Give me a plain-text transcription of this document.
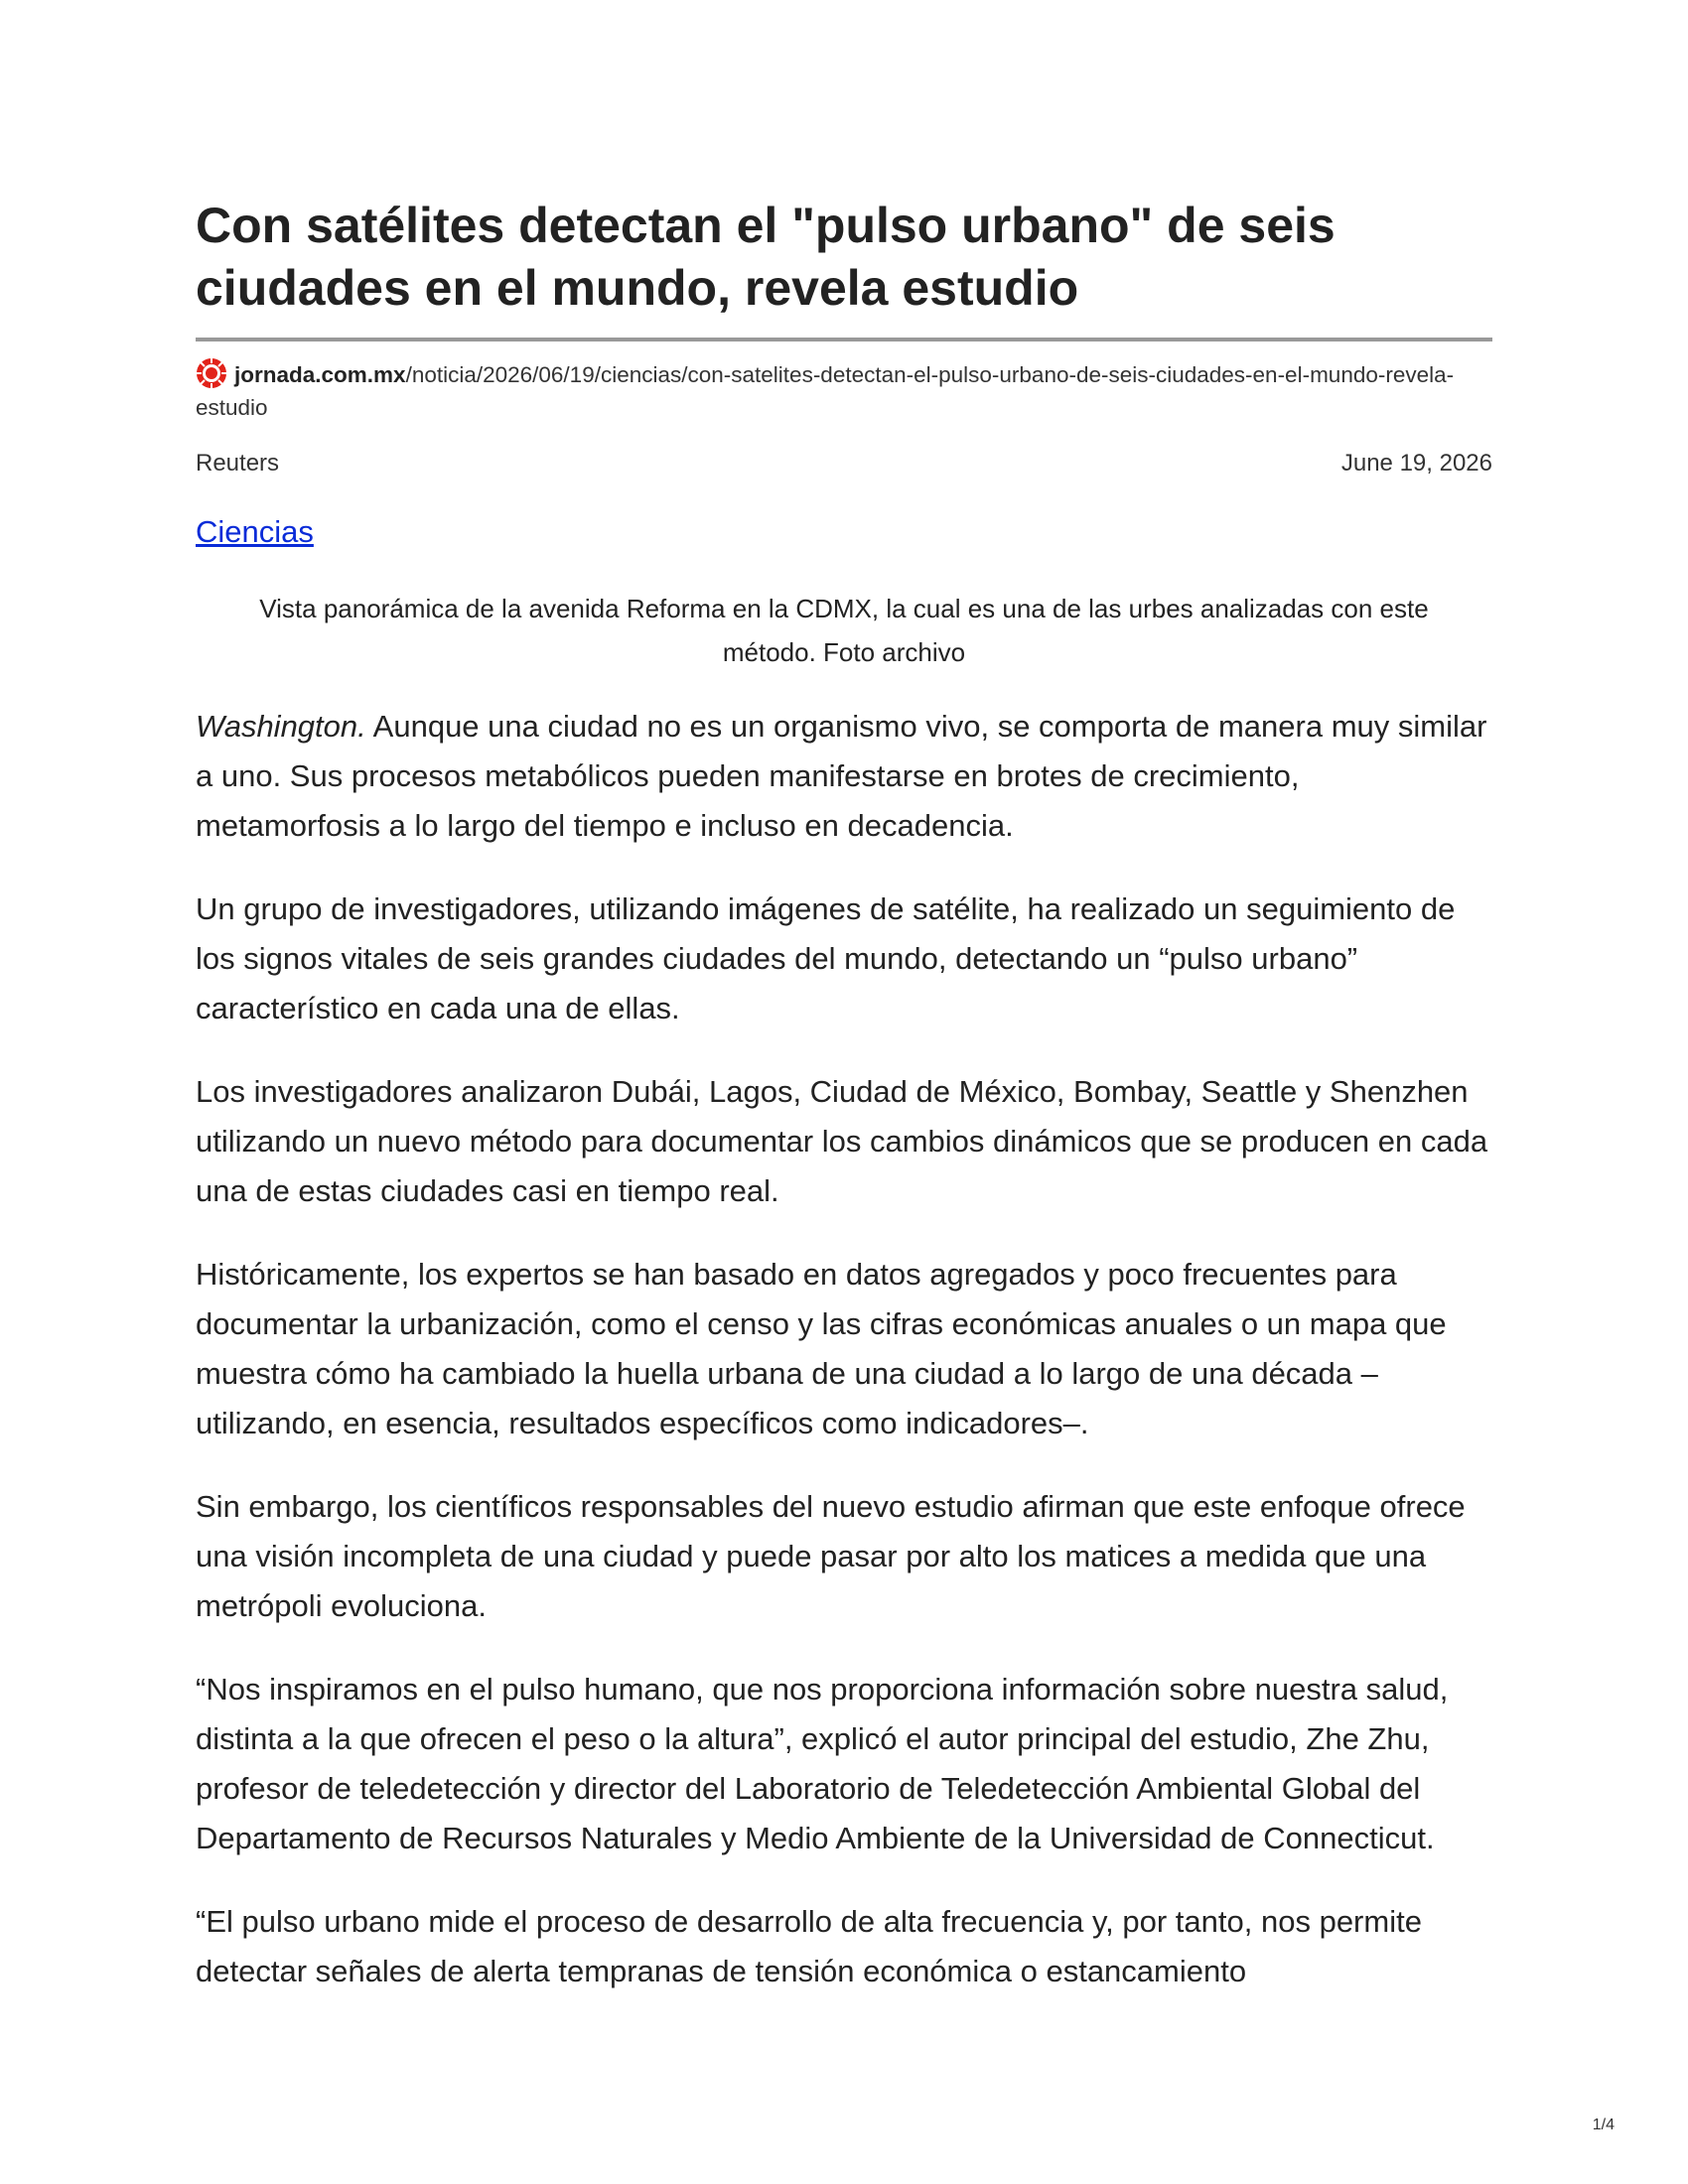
Con satélites detectan el "pulso urbano" de seis ciudades en el mundo, revela estudio
jornada.com.mx/noticia/2026/06/19/ciencias/con-satelites-detectan-el-pulso-urbano-de-seis-ciudades-en-el-mundo-revela-estudio
Reuters	June 19, 2026
Ciencias
Vista panorámica de la avenida Reforma en la CDMX, la cual es una de las urbes analizadas con este método. Foto archivo

Washington. Aunque una ciudad no es un organismo vivo, se comporta de manera muy similar a uno. Sus procesos metabólicos pueden manifestarse en brotes de crecimiento, metamorfosis a lo largo del tiempo e incluso en decadencia.

Un grupo de investigadores, utilizando imágenes de satélite, ha realizado un seguimiento de los signos vitales de seis grandes ciudades del mundo, detectando un “pulso urbano” característico en cada una de ellas.

Los investigadores analizaron Dubái, Lagos, Ciudad de México, Bombay, Seattle y Shenzhen utilizando un nuevo método para documentar los cambios dinámicos que se producen en cada una de estas ciudades casi en tiempo real.

Históricamente, los expertos se han basado en datos agregados y poco frecuentes para documentar la urbanización, como el censo y las cifras económicas anuales o un mapa que muestra cómo ha cambiado la huella urbana de una ciudad a lo largo de una década –utilizando, en esencia, resultados específicos como indicadores–.

Sin embargo, los científicos responsables del nuevo estudio afirman que este enfoque ofrece una visión incompleta de una ciudad y puede pasar por alto los matices a medida que una metrópoli evoluciona.

“Nos inspiramos en el pulso humano, que nos proporciona información sobre nuestra salud, distinta a la que ofrecen el peso o la altura”, explicó el autor principal del estudio, Zhe Zhu, profesor de teledetección y director del Laboratorio de Teledetección Ambiental Global del Departamento de Recursos Naturales y Medio Ambiente de la Universidad de Connecticut.

“El pulso urbano mide el proceso de desarrollo de alta frecuencia y, por tanto, nos permite detectar señales de alerta tempranas de tensión económica o estancamiento

1/4
